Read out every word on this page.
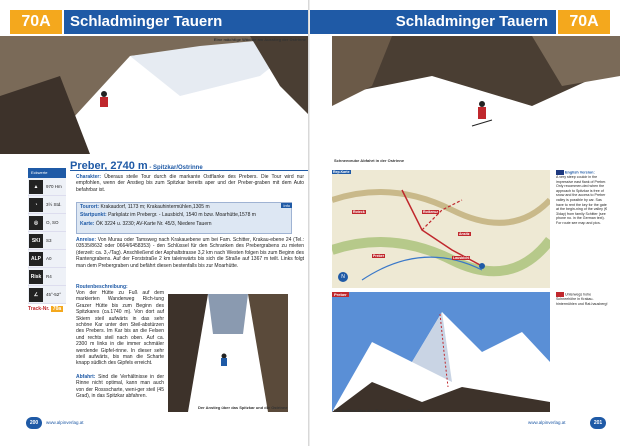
70A	Schladminger Tauern
Eine mächtige Wächte am Ausstieg der Ostrinne
Preber, 2740 m - Spitzkar/Ostrinne
Eckwerte
▲	970 Hm
◔	3½ Std.
◎	O, SO
SKI	S3
ALP	A0
Risk	R4
∠	45°-52°
Track-Nr. 70a
Charakter: Überaus steile Tour durch die markante Ostflanke des Prebers. Die Tour wird nur empfohlen, wenn der Anstieg bis zum Spitzkar bereits aper und der Preber-graben mit dem Auto befahrbar ist.
Info
Tourort: Krakaudorf, 1173 m; Krakauhintermühlen,1305 m
Startpunkt: Parkplatz im Prebergr. - Lausbichl, 1540 m bzw. Moarhütte,1578 m
Karte: ÖK 3224 u. 3230; AV-Karte Nr. 45/3, Niedere Tauern
Anreise: Von Murau oder Tamsweg nach Krakauebene um bei Fam. Schitter, Krakau-ebene 24 (Tel.: 03535/8632 oder 0664/6458353) - den Schlüssel für den Schranken des Prebergrabens zu mieten (derzeit: ca. 3,-/Tag). Anschließend der Asphaltstrasse 3,2 km nach Westen folgen bis zum Beginn des Rantengrabens. Auf der Forststraße 2 km taleinwärts bis sich die Straße auf 1367 m teilt. Links folgt man dem Prebergraben und befährt diesen bestenfalls bis zur Moarhütte.
Routenbeschreibung:
Von der Hütte zu Fuß auf dem markierten Wanderweg Rich-tung Grazer Hütte bis zum Beginn des Spitzkares (ca.1740 m). Von dort auf Skiern steil aufwärts in das sehr schöne Kar unter den Steil-abstürzen des Prebers. Im Kar bis an die Felsen und rechts steil nach oben. Auf ca. 2300 m links in die immer schmäler werdende Gipfel-rinne. In dieser sehr steil aufwärts, bis man die Scharte knapp südlich des Gipfels erreicht.
Abfahrt: Sind die Verhältnisse in der Rinne nicht optimal, kann man auch von der Rossscharte, weni-ger steil (45 Grad), in das Spitzkar abfahren.
Der Anstieg über das Spitzkar und die Ostrinne
200	www.alpinverlag.at
Schladminger Tauern	70A
Schneegrube Abfahrt in der Ostrinne
Rep.Karte
Roteck	Rotkreuz
Preber	Lausbichl
Ansitz
N
English Version:
A very steep couloir in the impressive east flank of Preber. Only recommen-ded when the approach to Spitzkar is free of snow and the access to Preber valley is possible by car. Sas have to rent the key for the gate at the begin-ning of the valley (€ 3/day) from family Schitter (see phone no. in the German text). For route see map and pics.
Unterwegs hohe Schneehöhe in Krakau-hintermühlen und Rat-hausberg!
Preber
Der Anstieg über das Spitzkar und die Ostrinne
www.alpinverlag.at	201
